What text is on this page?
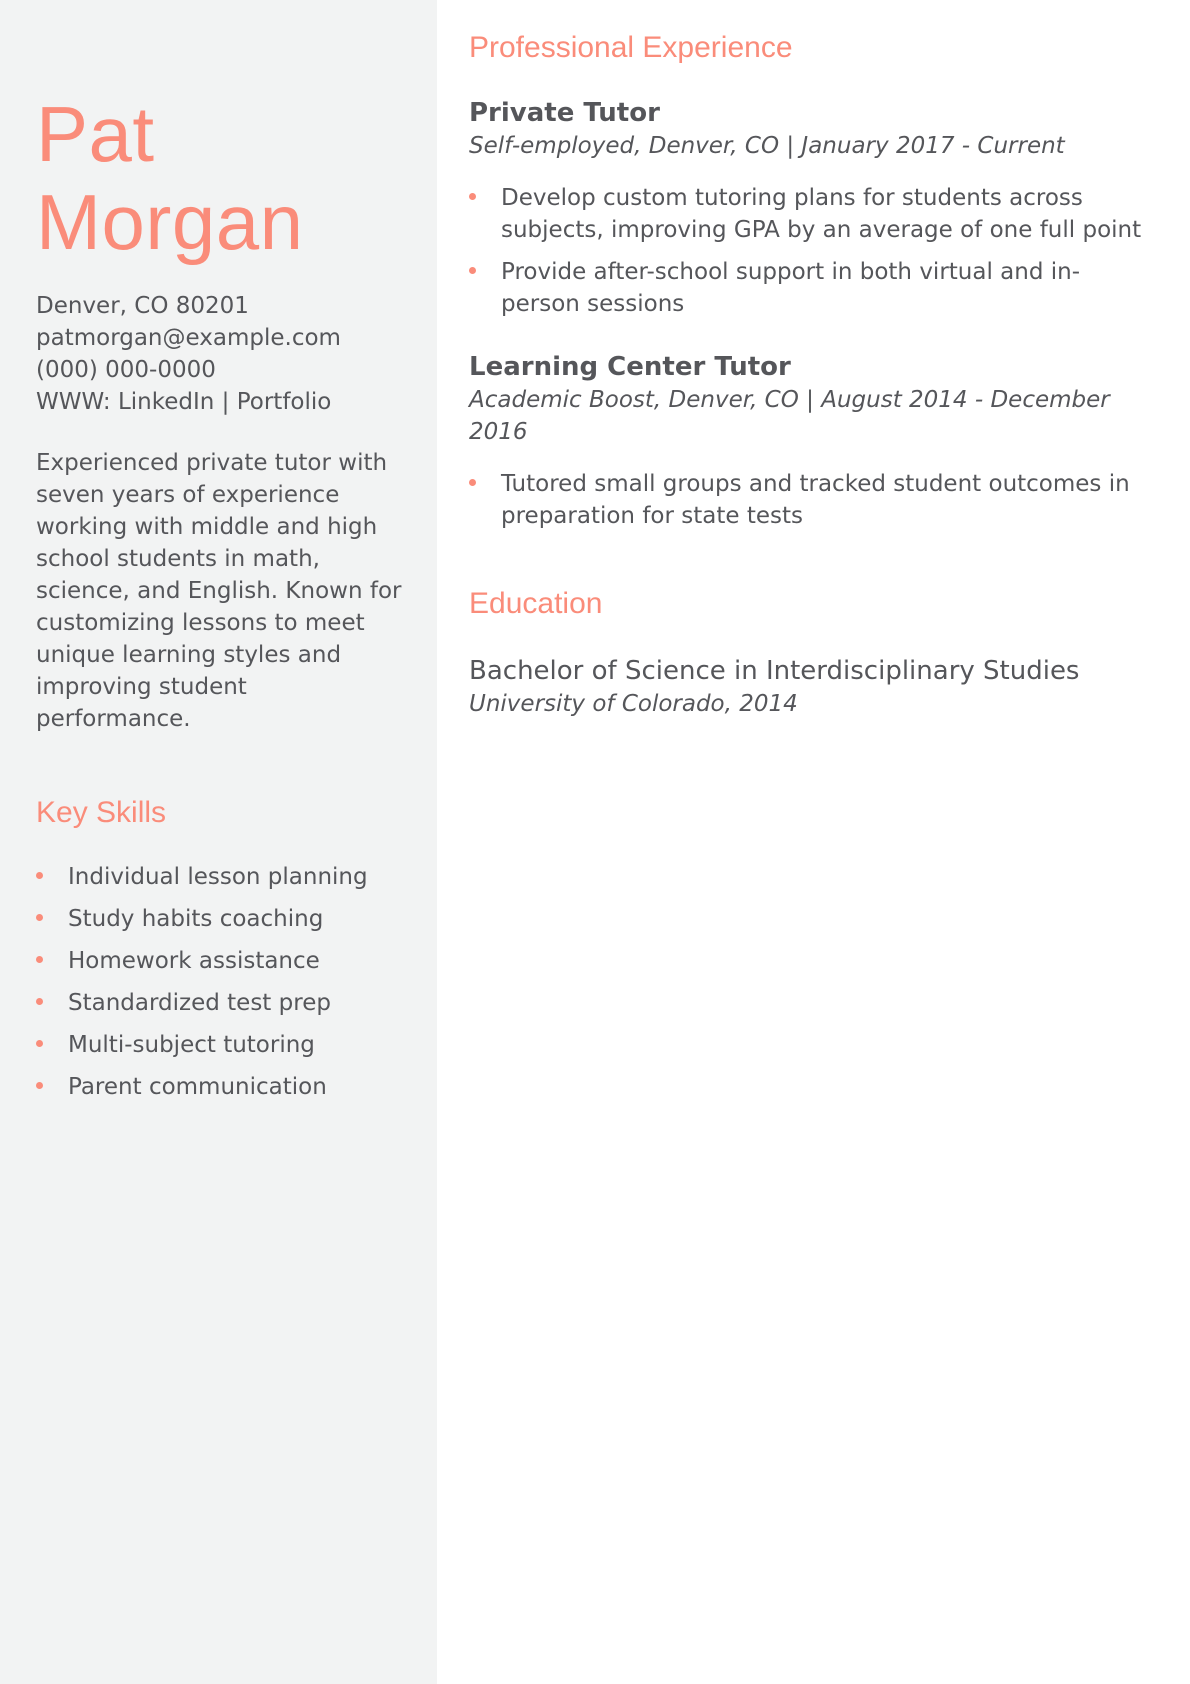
Pat
Morgan
Denver, CO 80201
patmorgan@example.com
(000) 000-0000
WWW: LinkedIn | Portfolio

Experienced private tutor with seven years of experience working with middle and high school students in math, science, and English. Known for customizing lessons to meet unique learning styles and improving student performance.

Key Skills
Individual lesson planning
Study habits coaching
Homework assistance
Standardized test prep
Multi-subject tutoring
Parent communication
Professional Experience
Private Tutor
Self-employed, Denver, CO | January 2017 - Current
Develop custom tutoring plans for students across subjects, improving GPA by an average of one full point
Provide after-school support in both virtual and in-person sessions
Learning Center Tutor
Academic Boost, Denver, CO | August 2014 - December 2016
Tutored small groups and tracked student outcomes in preparation for state tests
Education
Bachelor of Science in Interdisciplinary Studies
University of Colorado, 2014
